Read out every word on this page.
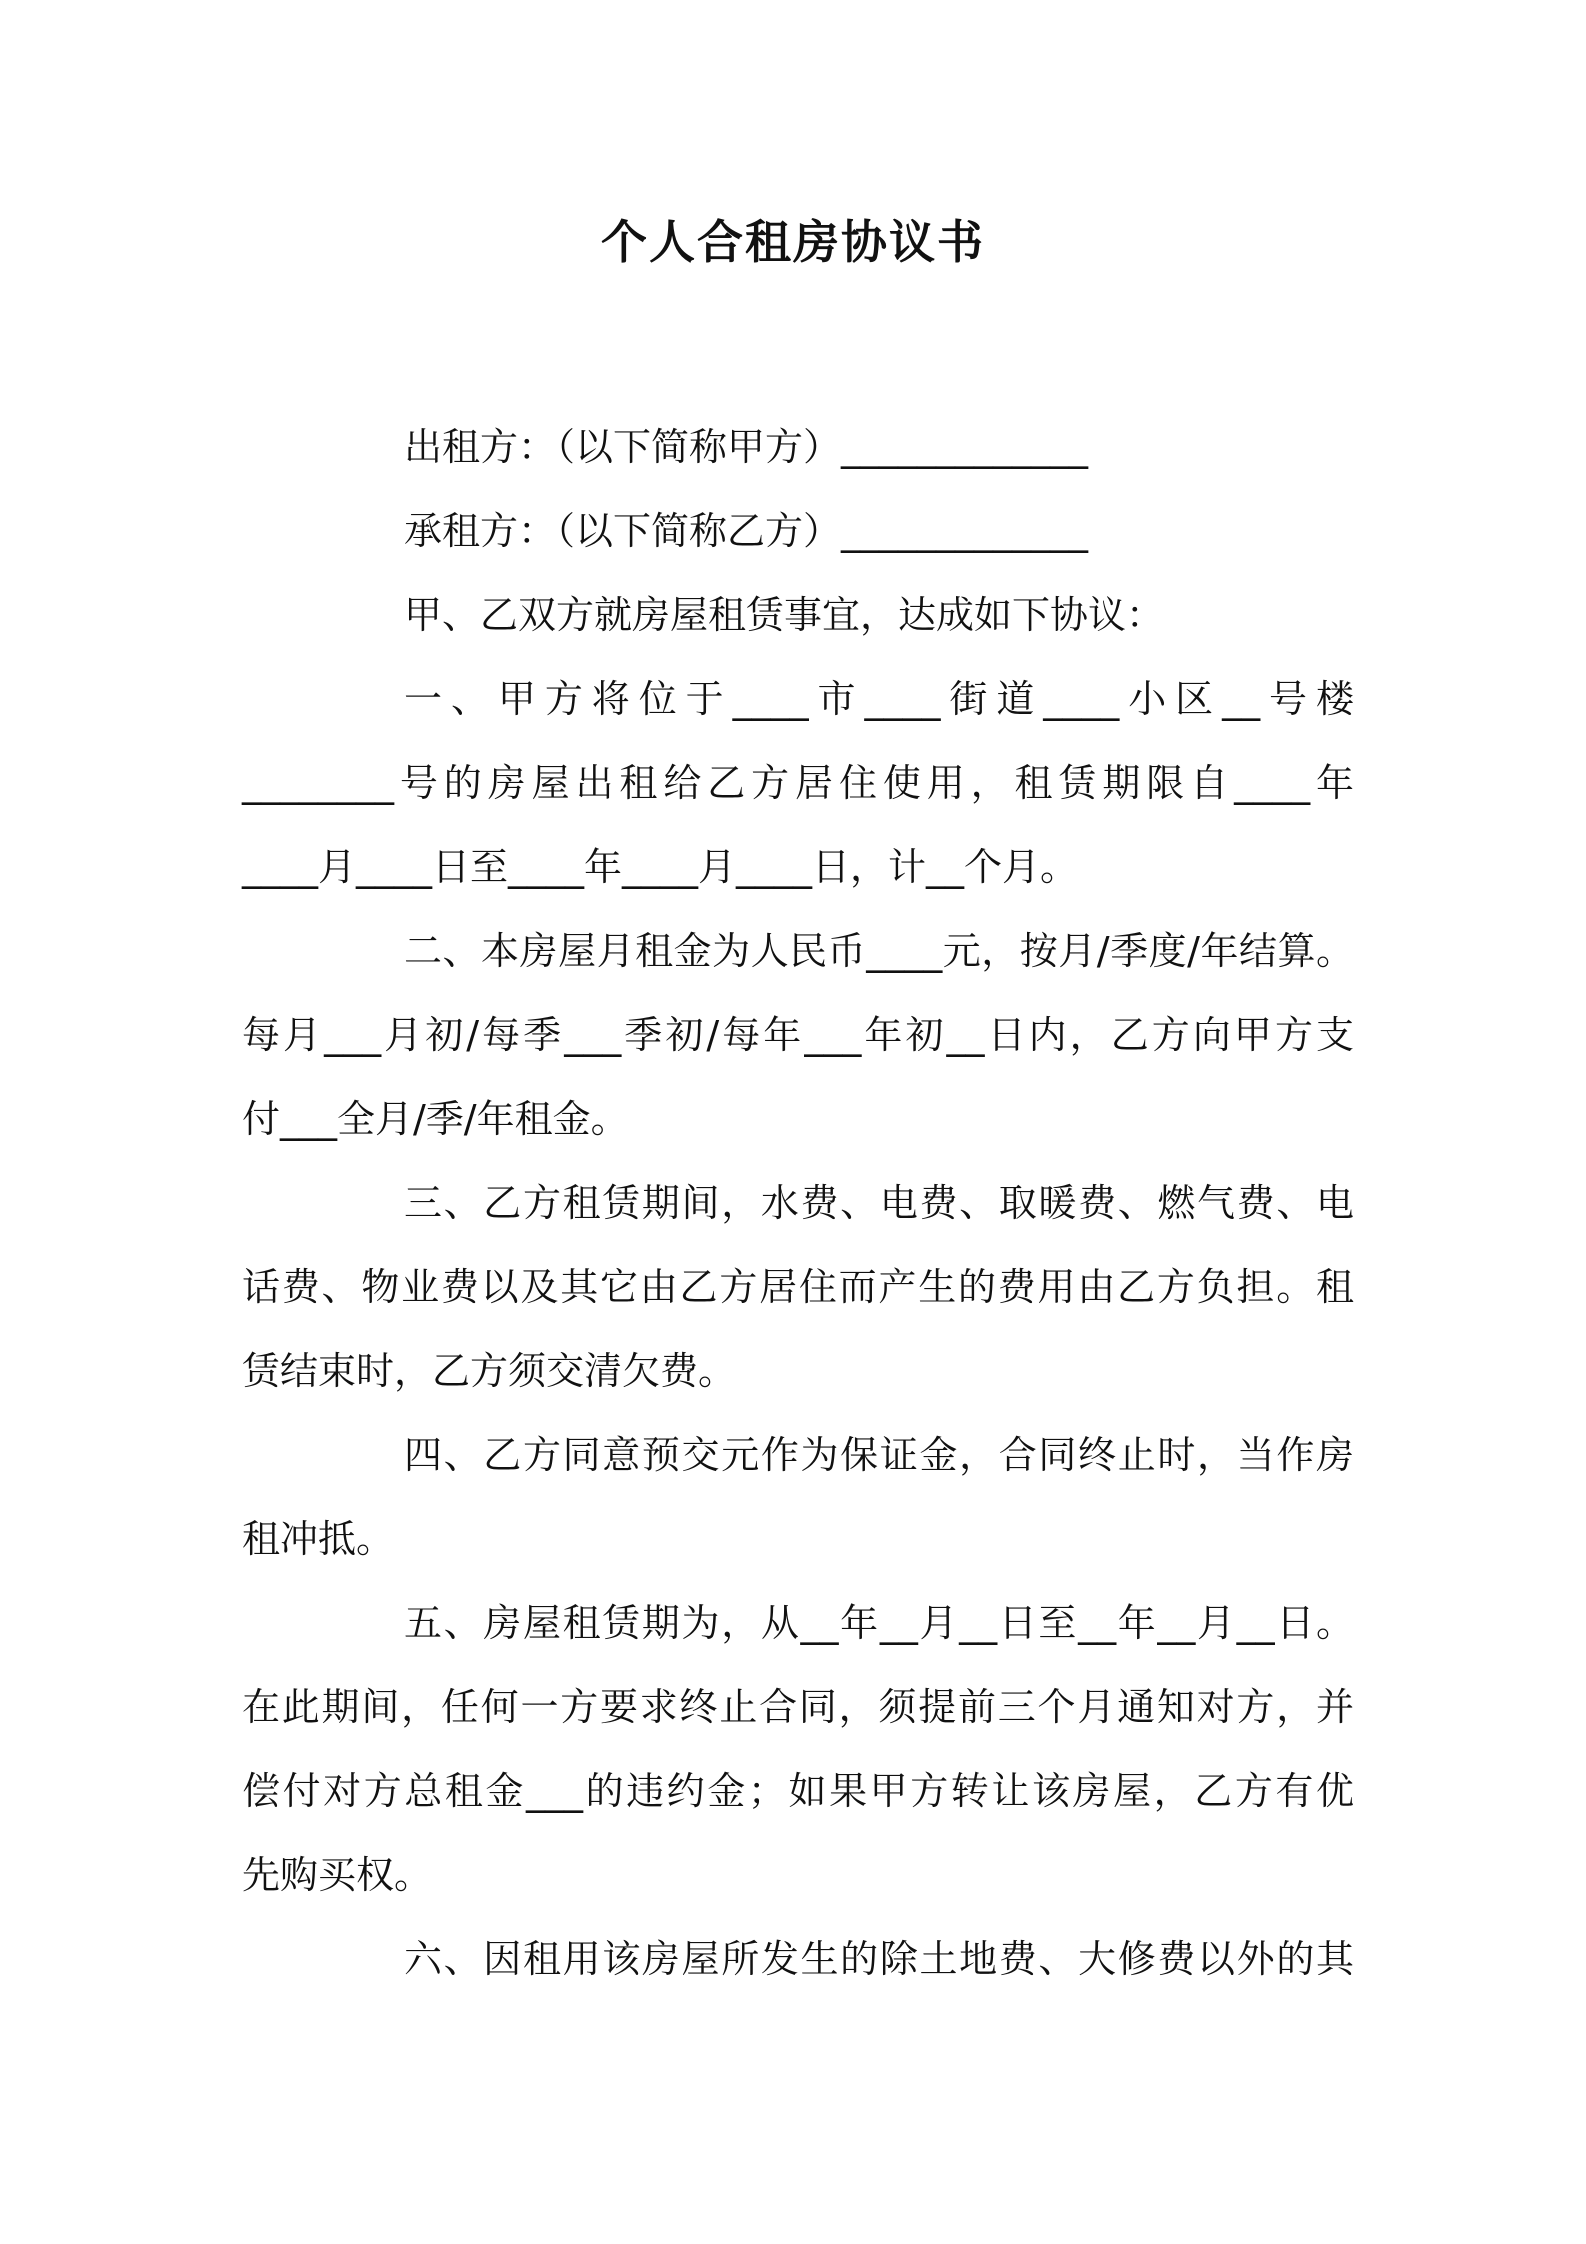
个人合租房协议书
出租方：（以下简称甲方）_____________
承租方：（以下简称乙方）_____________
甲、乙双方就房屋租赁事宜，达成如下协议：
一、甲方将位于____市____街道____小区__号楼
________号的房屋出租给乙方居住使用，租赁期限自____年
____月____日至____年____月____日，计__个月。
二、本房屋月租金为人民币____元，按月/季度/年结算。
每月___月初/每季___季初/每年___年初__日内，乙方向甲方支
付___全月/季/年租金。
三、乙方租赁期间，水费、电费、取暖费、燃气费、电
话费、物业费以及其它由乙方居住而产生的费用由乙方负担。租
赁结束时，乙方须交清欠费。
四、乙方同意预交元作为保证金，合同终止时，当作房
租冲抵。
五、房屋租赁期为，从__年__月__日至__年__月__日。
在此期间，任何一方要求终止合同，须提前三个月通知对方，并
偿付对方总租金___的违约金；如果甲方转让该房屋，乙方有优
先购买权。
六、因租用该房屋所发生的除土地费、大修费以外的其
